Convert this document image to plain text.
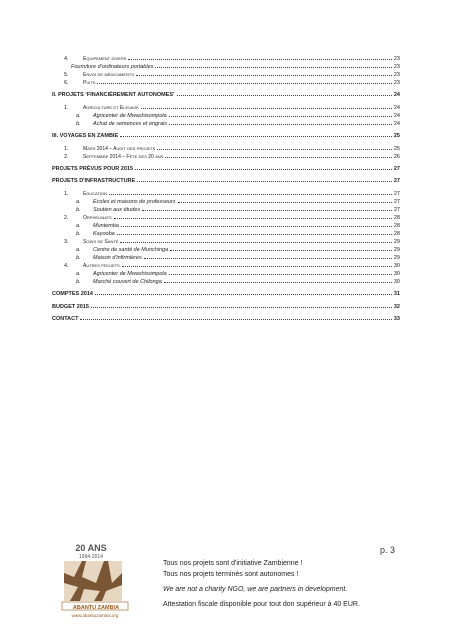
4.	Equipement divers	23
Fourniture d'ordinateurs portables	23
5.	Envoi de médicaments	23
6.	Puits	23
II. PROJETS ‘FINANCIÈREMENT AUTONOMES’	24
1.	Agriculture et Elevage	24
a.	Agricenter de Mwashisompola	24
b.	Achat de semences et engrais	24
III. VOYAGES EN ZAMBIE	25
1.	Mars 2014 – Audit des projets	25
2.	Septembre 2014 – Fête des 20 ans	26
PROJETS PRÉVUS POUR 2015	27
PROJETS D'INFRASTRUCTURE	27
1.	Education	27
a.	Ecoles et maisons de professeurs	27
b.	Soutien aux études	27
2.	Orphelinats	28
a.	Muntemba	28
b.	Kayooba	28
3.	Soins de Santé	29
a.	Centre de santé de Munchinga	29
b.	Maison d'infirmières	29
4.	Autres projets	30
a.	Agricenter de Mwashisompola	30
b.	Marché couvert de Chilonga	30
COMPTES 2014	31
BUDGET 2015	32
CONTACT	33
20 ANS
1994-2014
ABANTU ZAMBIA
www.abantuzambia.org
p. 3
Tous nos projets sont d'initiative Zambienne !
Tous nos projets terminés sont autonomes !
We are not a charity NGO, we are partners in development.
Attestation fiscale disponible pour tout don supérieur à 40 EUR.
